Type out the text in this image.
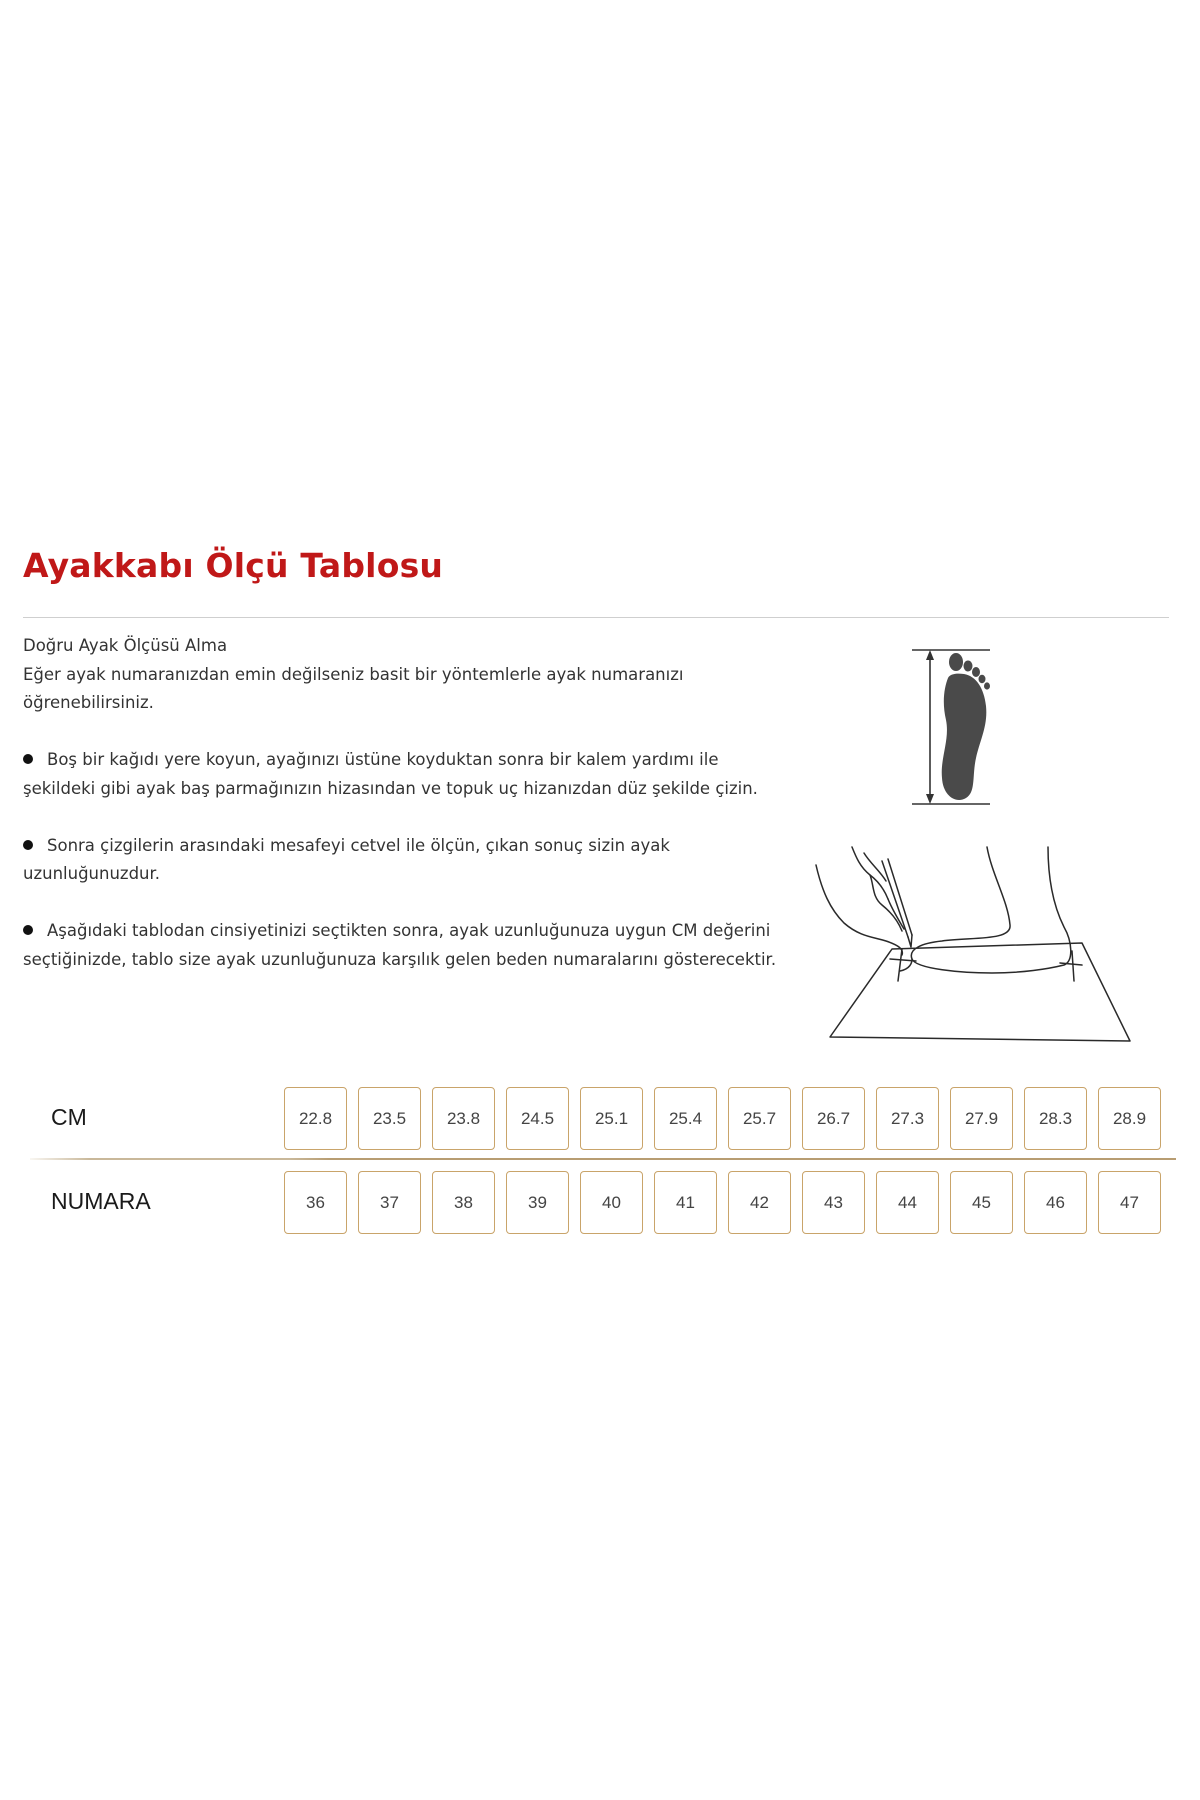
Ayakkabı Ölçü Tablosu

Doğru Ayak Ölçüsü Alma

Eğer ayak numaranızdan emin değilseniz basit bir yöntemlerle ayak numaranızı öğrenebilirsiniz.

Boş bir kağıdı yere koyun, ayağınızı üstüne koyduktan sonra bir kalem yardımı ile şekildeki gibi ayak baş parmağınızın hizasından ve topuk uç hizanızdan düz şekilde çizin.

Sonra çizgilerin arasındaki mesafeyi cetvel ile ölçün, çıkan sonuç sizin ayak uzunluğunuzdur.

Aşağıdaki tablodan cinsiyetinizi seçtikten sonra, ayak uzunluğunuza uygun CM değerini seçtiğinizde, tablo size ayak uzunluğunuza karşılık gelen beden numaralarını gösterecektir.

CM	22.8	23.5	23.8	24.5	25.1	25.4	25.7	26.7	27.3	27.9	28.3	28.9
NUMARA	36	37	38	39	40	41	42	43	44	45	46	47
